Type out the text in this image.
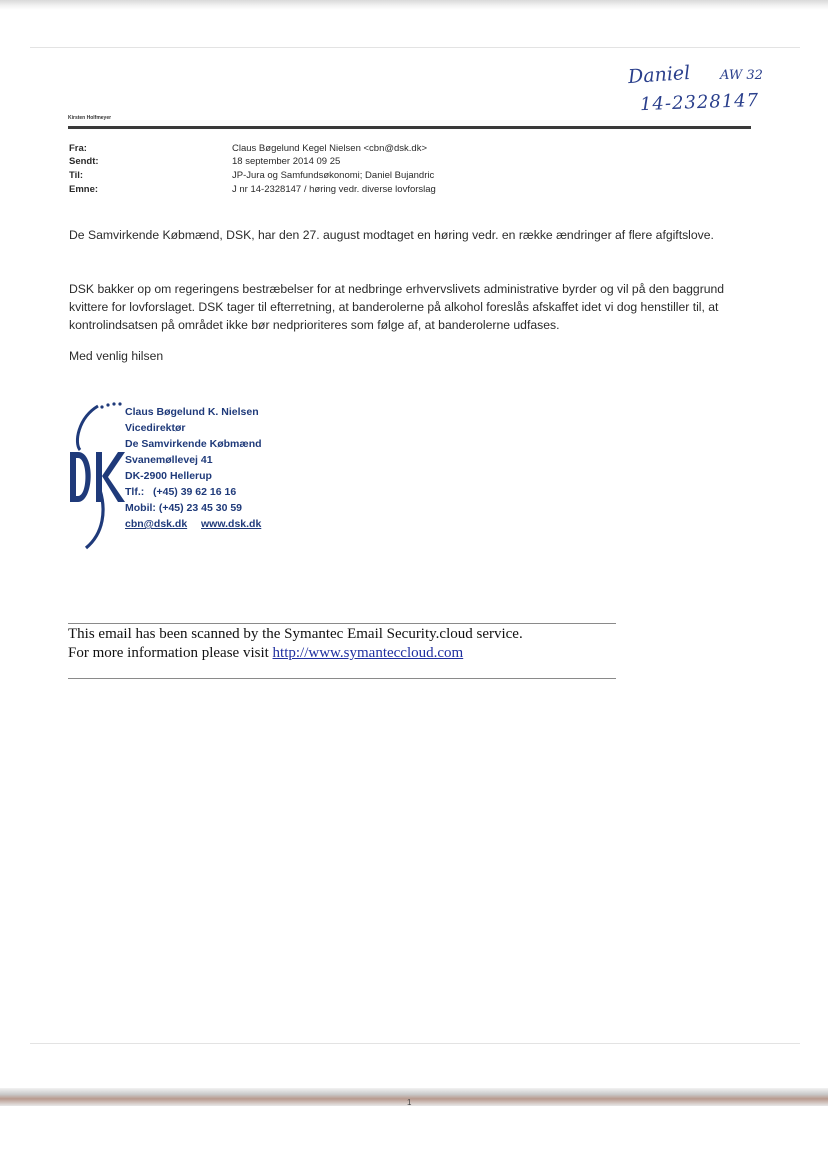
Daniel AW 32
14-2328147
Kirsten Holfmeyer
Fra:	Claus Bøgelund Kegel Nielsen <cbn@dsk.dk>
Sendt:	18 september 2014 09 25
Til:	JP-Jura og Samfundsøkonomi; Daniel Bujandric
Emne:	J nr 14-2328147 / høring vedr. diverse lovforslag
De Samvirkende Købmænd, DSK, har den 27. august modtaget en høring vedr. en række ændringer af flere afgiftslove.
DSK bakker op om regeringens bestræbelser for at nedbringe erhvervslivets administrative byrder og vil på den baggrund kvittere for lovforslaget. DSK tager til efterretning, at banderolerne på alkohol foreslås afskaffet idet vi dog henstiller til, at kontrolindsatsen på området ikke bør nedprioriteres som følge af, at banderolerne udfases.
Med venlig hilsen
Claus Bøgelund K. Nielsen
Vicedirektør
De Samvirkende Købmænd
Svanemøllevej 41
DK-2900 Hellerup
Tlf.:   (+45) 39 62 16 16
Mobil: (+45) 23 45 30 59
cbn@dsk.dk www.dsk.dk
This email has been scanned by the Symantec Email Security.cloud service.
For more information please visit http://www.symanteccloud.com
1
